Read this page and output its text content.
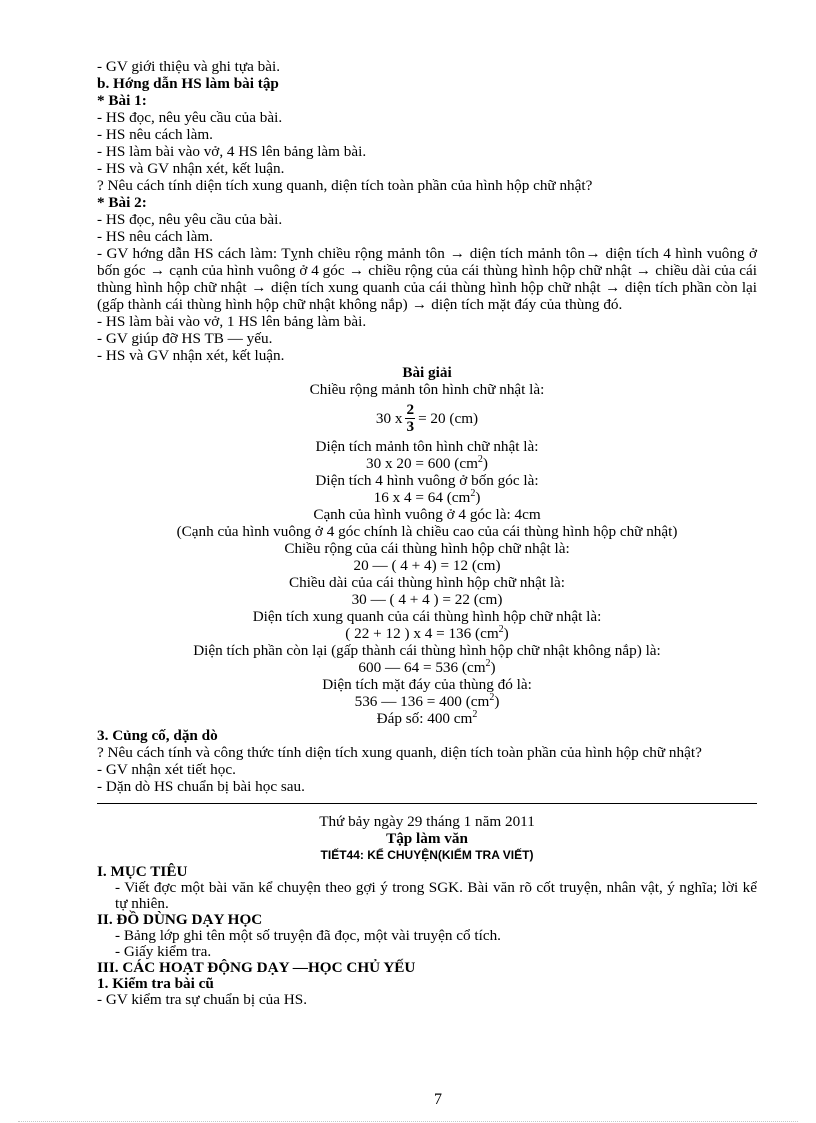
- GV giới thiệu và ghi tựa bài.
b. Hớng dẫn HS làm bài tập
* Bài 1:
- HS đọc, nêu yêu cầu của bài.
- HS nêu cách làm.
- HS làm bài vào vở, 4 HS lên bảng làm bài.
- HS và GV nhận xét, kết luận.
? Nêu cách tính diện tích xung quanh, diện tích toàn phần của hình hộp chữ nhật?
* Bài 2:
- HS đọc, nêu yêu cầu của bài.
- HS nêu cách làm.
- GV hớng dẫn HS cách làm: Tỵnh chiều rộng mảnh tôn → diện tích mảnh tôn→ diện tích 4 hình vuông ở bốn góc → cạnh của hình vuông ở 4 góc → chiều rộng của cái thùng hình hộp chữ nhật → chiều dài của cái thùng hình hộp chữ nhật → diện tích xung quanh của cái thùng hình hộp chữ nhật → diện tích phần còn lại (gấp thành cái thùng hình hộp chữ nhật không nắp) → diện tích mặt đáy của thùng đó.
- HS làm bài vào vở, 1 HS lên bảng làm bài.
- GV giúp đỡ HS TB — yếu.
- HS và GV nhận xét, kết luận.
Bài giải
Chiều rộng mảnh tôn hình chữ nhật là:
30 x $\frac{2}{3} = 20$ (cm)
Diện tích mảnh tôn hình chữ nhật là:
30 x 20 = 600 $(cm^2)$
Diện tích 4 hình vuông ở bốn góc là:
16 x 4 = 64 $(cm^2)$
Cạnh của hình vuông ở 4 góc là: 4cm
(Cạnh của hình vuông ở 4 góc chính là chiều cao của cái thùng hình hộp chữ nhật)
Chiều rộng của cái thùng hình hộp chữ nhật là:
20 — ( 4 + 4) = 12 (cm)
Chiều dài của cái thùng hình hộp chữ nhật là:
30 — ( 4 + 4 ) = 22 (cm)
Diện tích xung quanh của cái thùng hình hộp chữ nhật là:
( 22 + 12 ) x 4 = 136 $(cm^2)$
Diện tích phần còn lại (gấp thành cái thùng hình hộp chữ nhật không nắp) là:
600 — 64 = 536 $(cm^2)$
Diện tích mặt đáy của thùng đó là:
536 — 136 = 400 $(cm^2)$
Đáp số: 400 $cm^2$
3. Củng cố, dặn dò
? Nêu cách tính và công thức tính diện tích xung quanh, diện tích toàn phần của hình hộp chữ nhật?
- GV nhận xét tiết học.
- Dặn dò HS chuẩn bị bài học sau.
Thứ bảy ngày 29 tháng 1 năm 2011
Tập làm văn
TIẾT44: KỂ CHUYỆN(KIỂM TRA VIẾT)
I. MỤC TIÊU
- Viết đợc một bài văn kể chuyện theo gợi ý trong SGK. Bài văn rõ cốt truyện, nhân vật, ý nghĩa; lời kể tự nhiên.
II. ĐỒ DÙNG DẠY HỌC
- Bảng lớp ghi tên một số truyện đã đọc, một vài truyện cổ tích.
- Giấy kiểm tra.
III. CÁC HOẠT ĐỘNG DẠY —HỌC CHỦ YẾU
1. Kiểm tra bài cũ
- GV kiểm tra sự chuẩn bị của HS.
7
